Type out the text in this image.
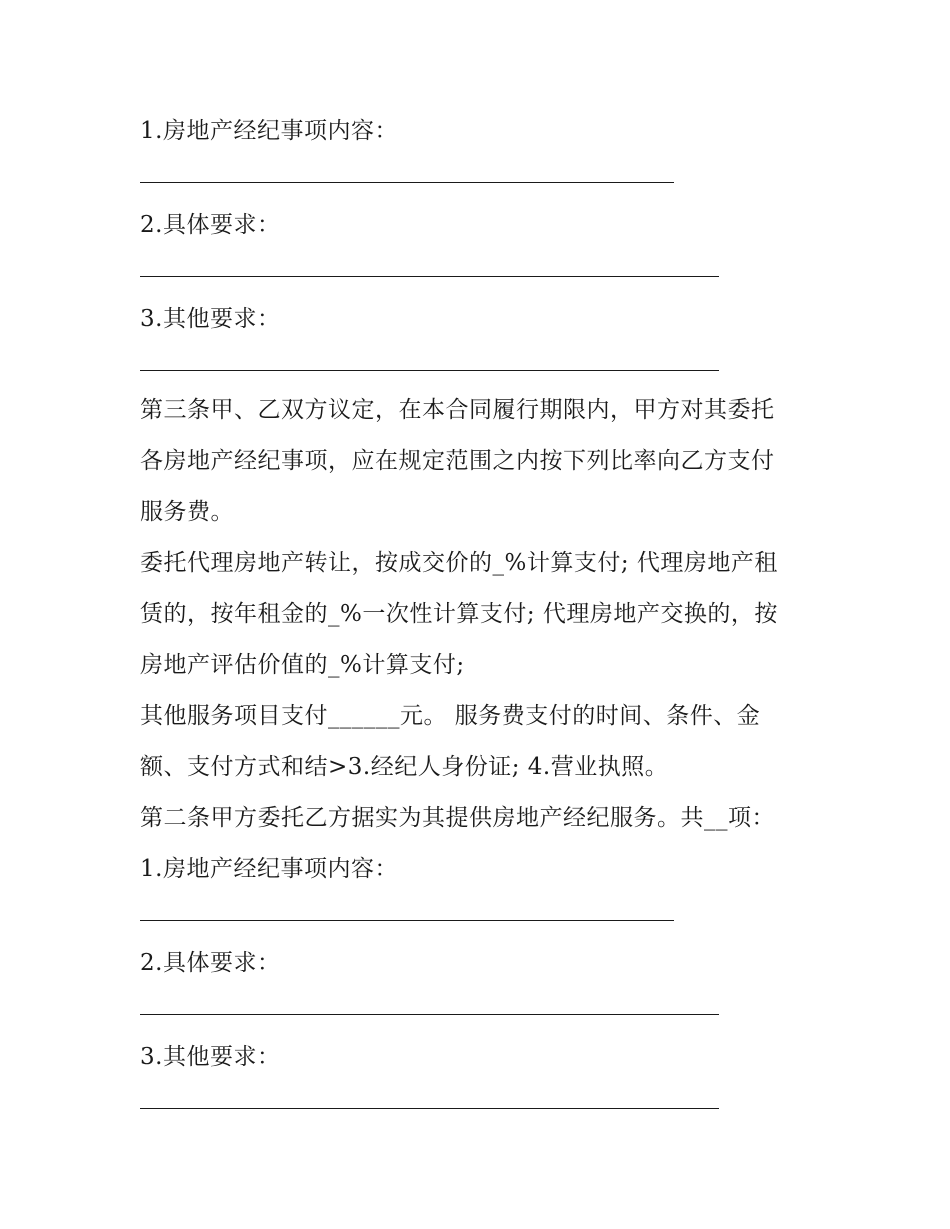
1.房地产经纪事项内容：
2.具体要求：
3.其他要求：
第三条甲、乙双方议定，在本合同履行期限内，甲方对其委托
各房地产经纪事项，应在规定范围之内按下列比率向乙方支付
服务费。
委托代理房地产转让，按成交价的_%计算支付; 代理房地产租
赁的，按年租金的_%一次性计算支付; 代理房地产交换的，按
房地产评估价值的_%计算支付;
其他服务项目支付______元。 服务费支付的时间、条件、金
额、支付方式和结>3.经纪人身份证; 4.营业执照。
第二条甲方委托乙方据实为其提供房地产经纪服务。共__项：
1.房地产经纪事项内容：
2.具体要求：
3.其他要求：
